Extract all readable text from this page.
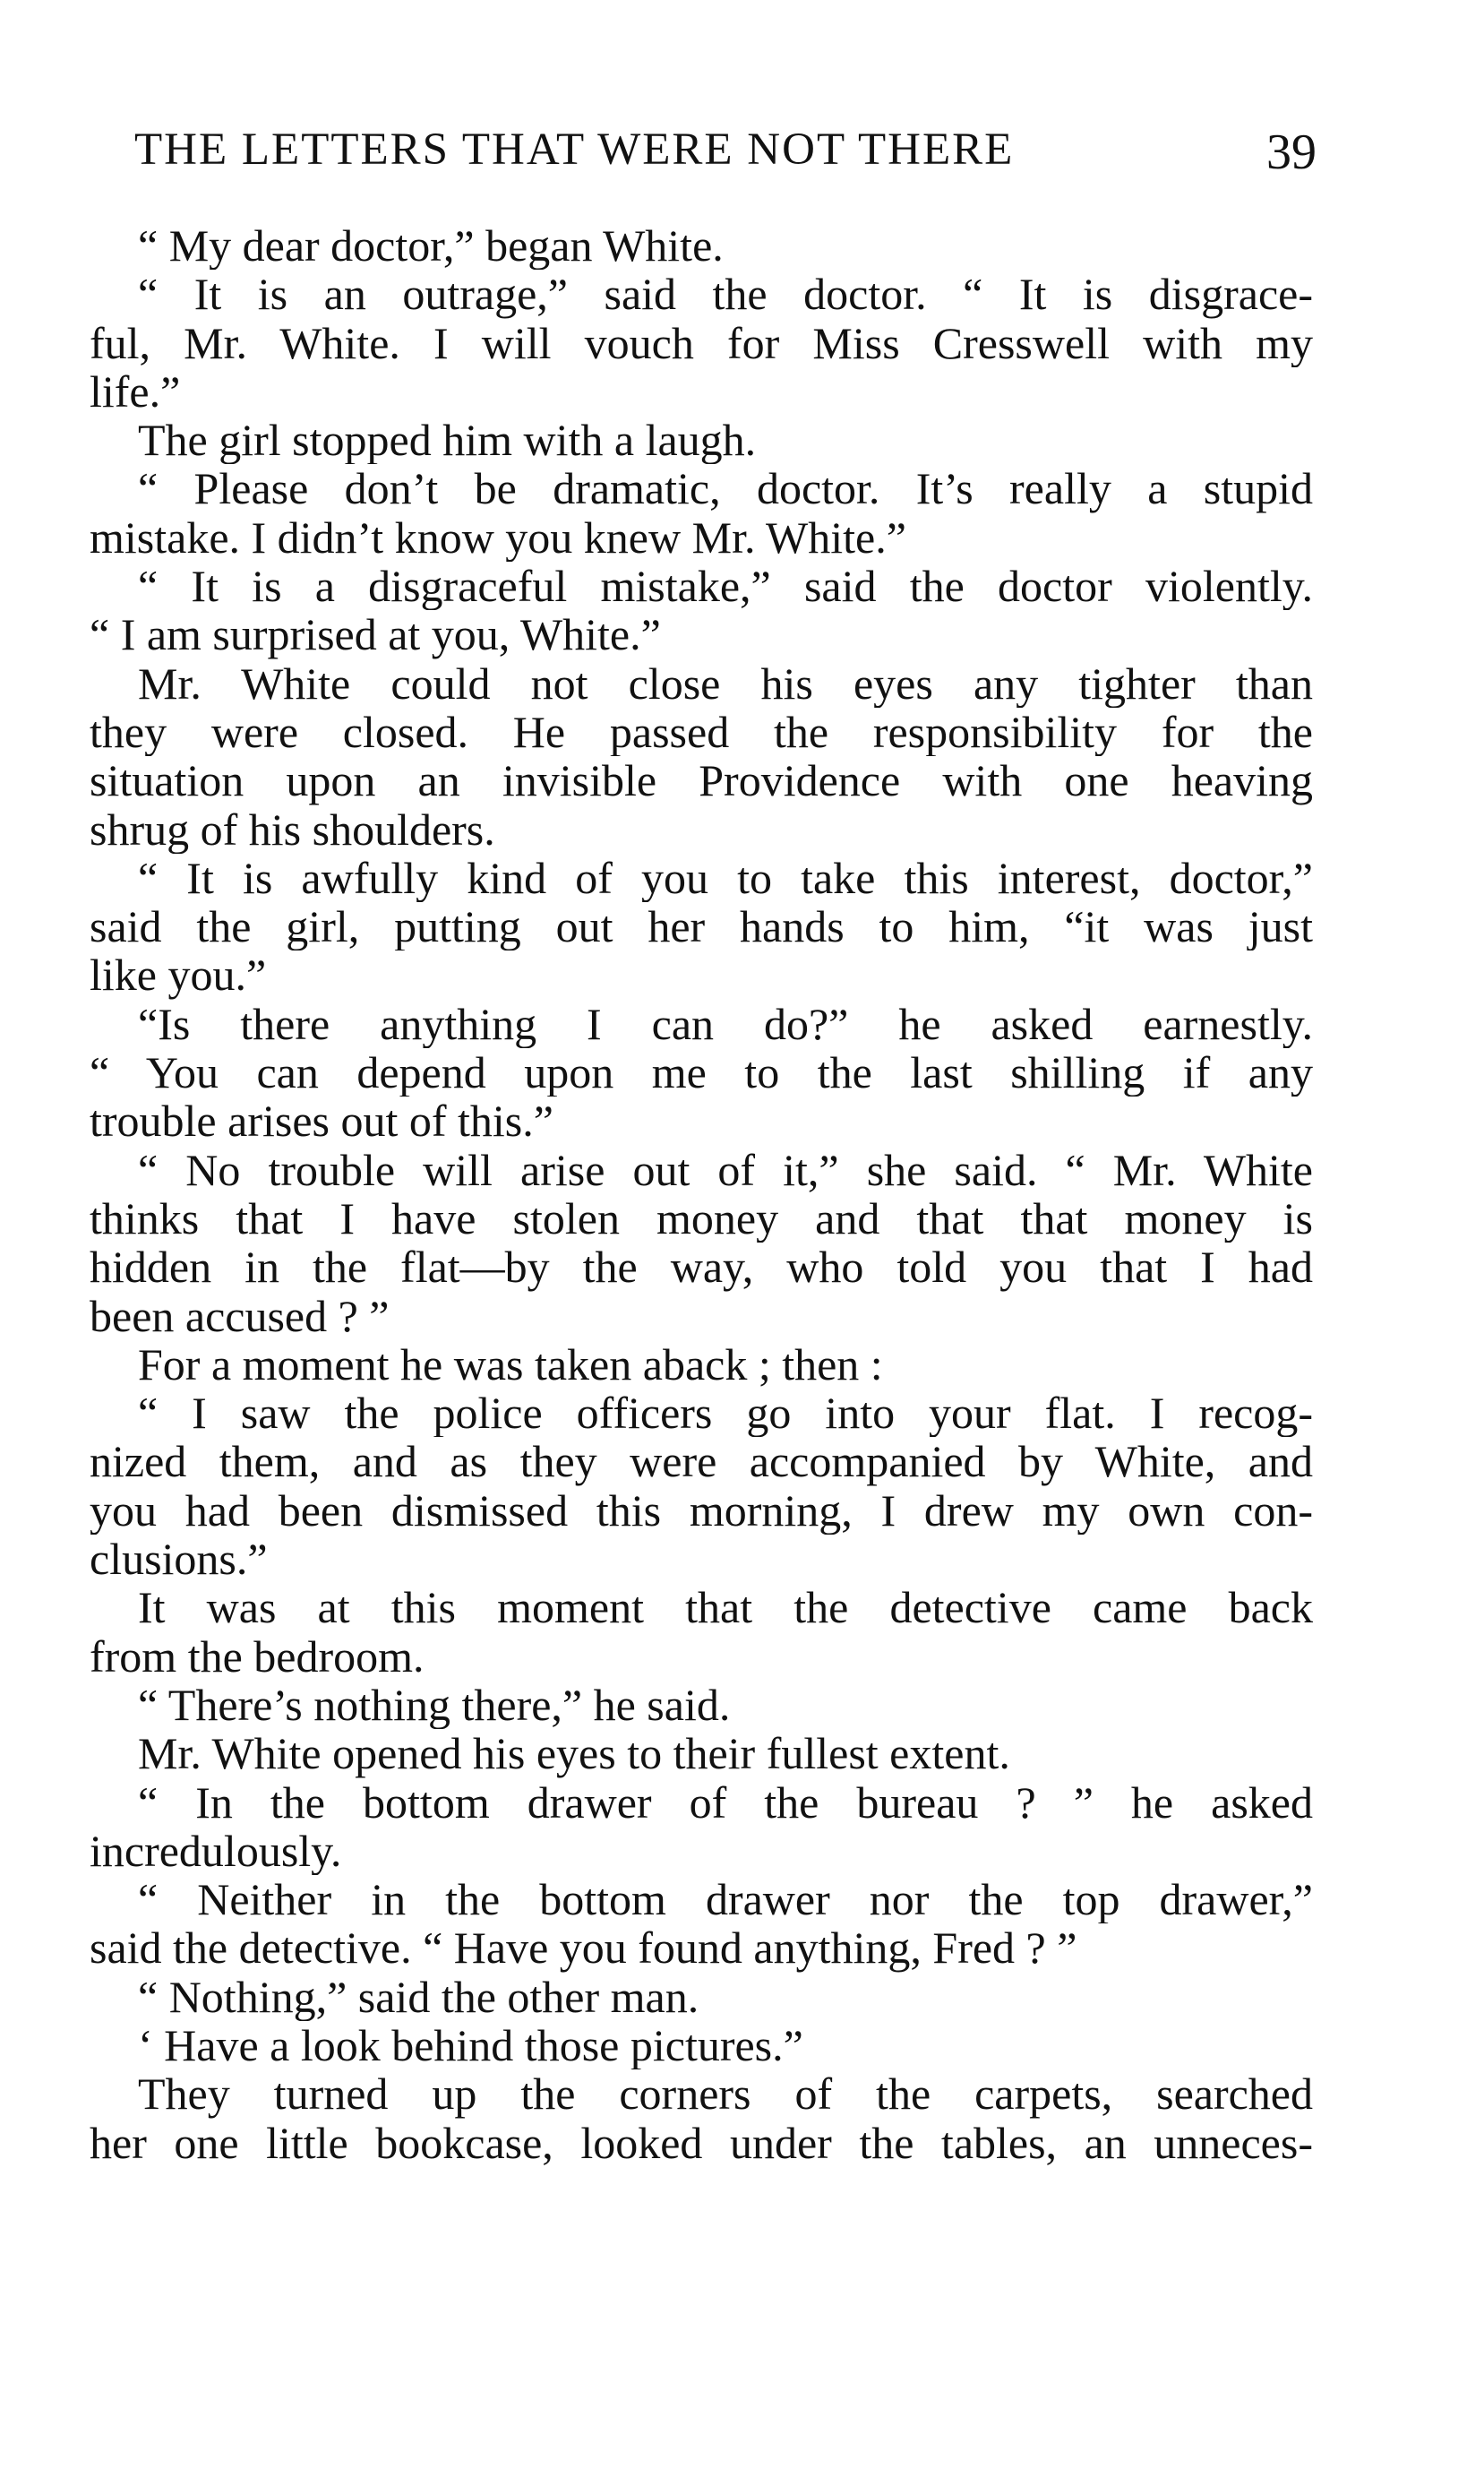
THE LETTERS THAT WERE NOT THERE	39
“ My dear doctor,” began White.
“ It is an outrage,” said the doctor. “ It is disgrace-
ful, Mr. White. I will vouch for Miss Cresswell with my
life.”
The girl stopped him with a laugh.
“ Please don’t be dramatic, doctor. It’s really a stupid
mistake. I didn’t know you knew Mr. White.”
“ It is a disgraceful mistake,” said the doctor violently.
“ I am surprised at you, White.”
Mr. White could not close his eyes any tighter than
they were closed. He passed the responsibility for the
situation upon an invisible Providence with one heaving
shrug of his shoulders.
“ It is awfully kind of you to take this interest, doctor,”
said the girl, putting out her hands to him, “it was just
like you.”
“Is there anything I can do?” he asked earnestly.
“ You can depend upon me to the last shilling if any
trouble arises out of this.”
“ No trouble will arise out of it,” she said. “ Mr. White
thinks that I have stolen money and that that money is
hidden in the flat—by the way, who told you that I had
been accused ? ”
For a moment he was taken aback ; then :
“ I saw the police officers go into your flat. I recog-
nized them, and as they were accompanied by White, and
you had been dismissed this morning, I drew my own con-
clusions.”
It was at this moment that the detective came back
from the bedroom.
“ There’s nothing there,” he said.
Mr. White opened his eyes to their fullest extent.
“ In the bottom drawer of the bureau ? ” he asked
incredulously.
“ Neither in the bottom drawer nor the top drawer,”
said the detective. “ Have you found anything, Fred ? ”
“ Nothing,” said the other man.
‘ Have a look behind those pictures.”
They turned up the corners of the carpets, searched
her one little bookcase, looked under the tables, an unneces-
